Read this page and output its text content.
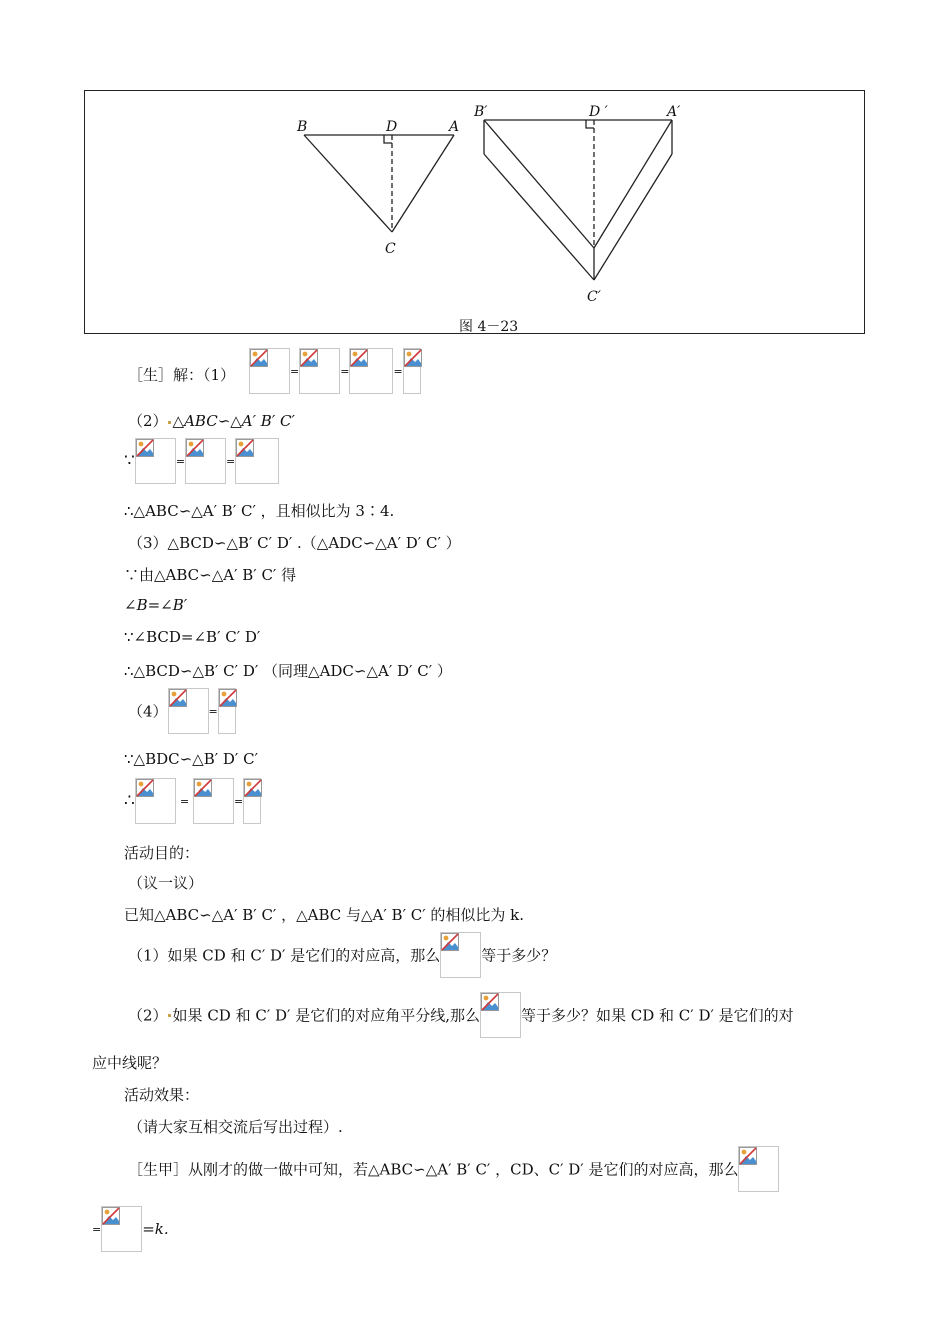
B	D	A
C
B′	D ′	A′
C′
图 4－23
［生］解：（1）	=	=	=
（2） △ABC∽△A′ B′ C′
∵	=	=
∴△ABC∽△A′ B′ C′ ，且相似比为 3∶4.
（3）△BCD∽△B′ C′ D′ .（△ADC∽△A′ D′ C′ ）
∵由△ABC∽△A′ B′ C′ 得
∠B=∠B′
∵∠BCD=∠B′ C′ D′
∴△BCD∽△B′ C′ D′ （同理△ADC∽△A′ D′ C′ ）
（4）	=
∵△BDC∽△B′ D′ C′
∴	=	=
活动目的：
（议一议）
已知△ABC∽△A′ B′ C′ ，△ABC 与△A′ B′ C′ 的相似比为 k.
（1）如果 CD 和 C′ D′ 是它们的对应高，那么	等于多少？
（2） 如果 CD 和 C′ D′ 是它们的对应角平分线,那么	等于多少？如果 CD 和 C′ D′ 是它们的对
应中线呢？
活动效果：
（请大家互相交流后写出过程）.
［生甲］从刚才的做一做中可知，若△ABC∽△A′ B′ C′ ，CD、C′ D′ 是它们的对应高，那么
=	=k.
